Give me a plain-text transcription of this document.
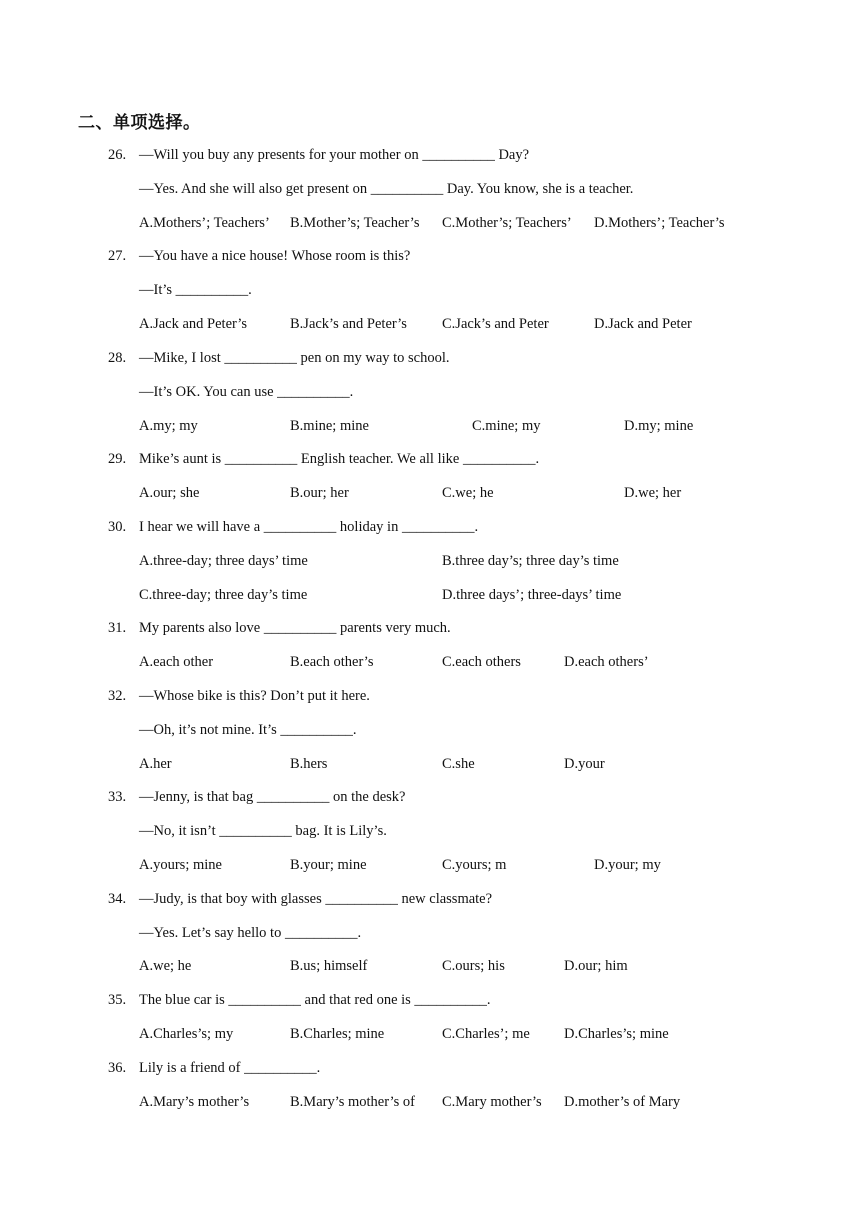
二、单项选择。
26. —Will you buy any presents for your mother on __________ Day?
—Yes. And she will also get present on __________ Day. You know, she is a teacher.
A.Mothers’; Teachers’ B.Mother’s; Teacher’s C.Mother’s; Teachers’ D.Mothers’; Teacher’s
27. —You have a nice house! Whose room is this?
—It’s __________.
A.Jack and Peter’s	B.Jack’s and Peter’s C.Jack’s and Peter	D.Jack and Peter
28. —Mike, I lost __________ pen on my way to school.
—It’s OK. You can use __________.
A.my; my	B.mine; mine	C.mine; my	D.my; mine
29. Mike’s aunt is __________ English teacher. We all like __________.
A.our; she	B.our; her	C.we; he	D.we; her
30. I hear we will have a __________ holiday in __________.
A.three-day; three days’ time	B.three day’s; three day’s time
C.three-day; three day’s time	D.three days’; three-days’ time
31. My parents also love __________ parents very much.
A.each other	B.each other’s	C.each others	D.each others’
32. —Whose bike is this? Don’t put it here.
—Oh, it’s not mine. It’s __________.
A.her	B.hers	C.she	D.your
33. —Jenny, is that bag __________ on the desk?
—No, it isn’t __________ bag. It is Lily’s.
A.yours; mine	B.your; mine	C.yours; m	D.your; my
34. —Judy, is that boy with glasses __________ new classmate?
—Yes. Let’s say hello to __________.
A.we; he	B.us; himself	C.ours; his	D.our; him
35. The blue car is __________ and that red one is __________.
A.Charles’s; my	B.Charles; mine	C.Charles’; me D.Charles’s; mine
36. Lily is a friend of __________.
A.Mary’s mother’s	B.Mary’s mother’s of C.Mary mother’s D.mother’s of Mary
